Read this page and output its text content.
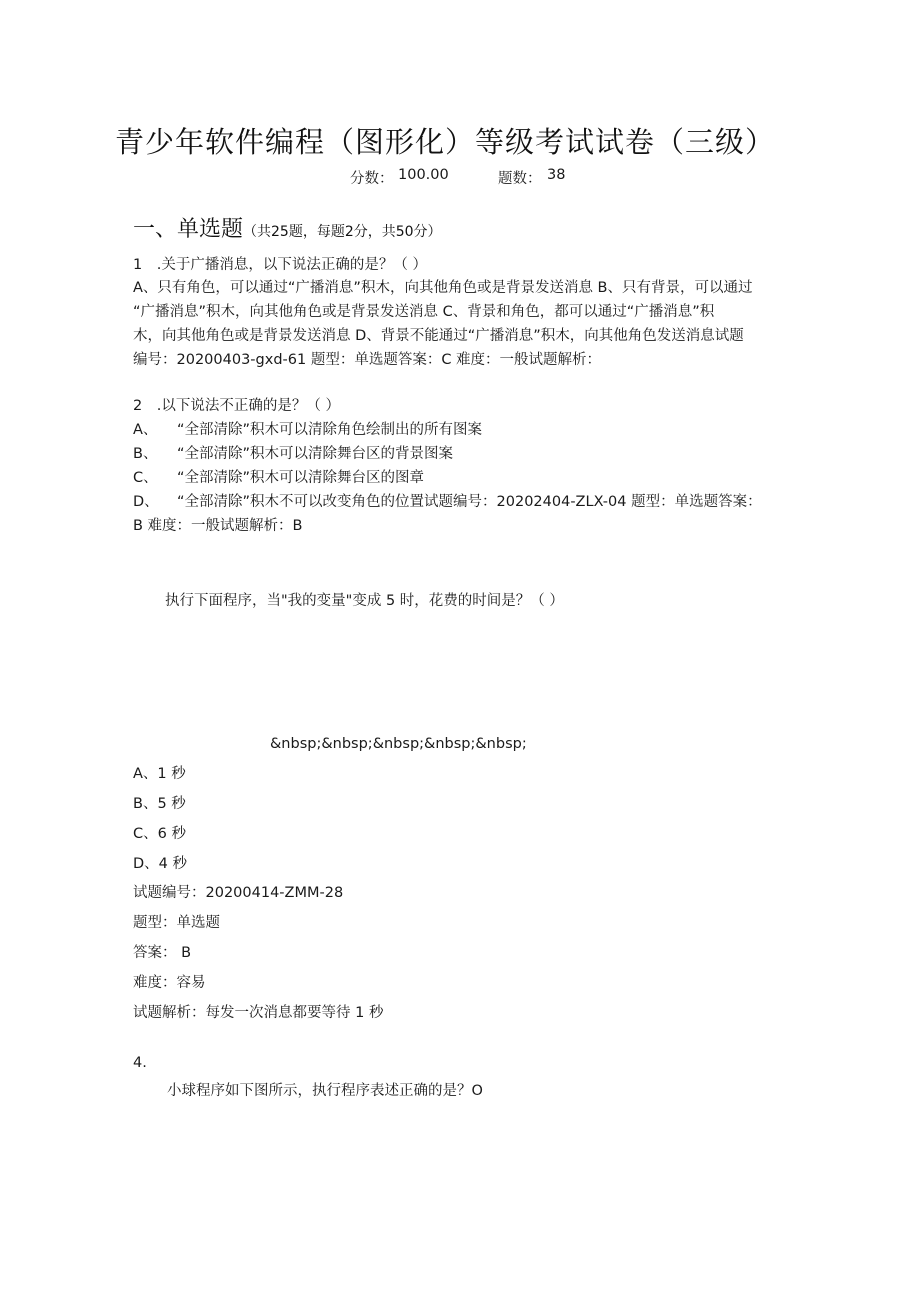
青少年软件编程（图形化）等级考试试卷（三级）
分数： 100.00	题数： 38
一、单选题（共25题，每题2分，共50分）
1　.关于广播消息，以下说法正确的是？（ ）
A、只有角色，可以通过“广播消息”积木，向其他角色或是背景发送消息 B、只有背景，可以通过
“广播消息”积木，向其他角色或是背景发送消息 C、背景和角色，都可以通过“广播消息”积
木，向其他角色或是背景发送消息 D、背景不能通过“广播消息”积木，向其他角色发送消息试题
编号：20200403-gxd-61 题型：单选题答案：C 难度：一般试题解析：
2　.以下说法不正确的是？（ ）
A、 “全部清除”积木可以清除角色绘制出的所有图案
B、 “全部清除”积木可以清除舞台区的背景图案
C、 “全部清除”积木可以清除舞台区的图章
D、 “全部清除”积木不可以改变角色的位置试题编号：20202404-ZLX-04 题型：单选题答案：
B 难度：一般试题解析：B
执行下面程序，当"我的变量"变成 5 时，花费的时间是？（ ）
&nbsp;&nbsp;&nbsp;&nbsp;&nbsp;
A、1 秒
B、5 秒
C、6 秒
D、4 秒
试题编号：20200414-ZMM-28
题型：单选题
答案： B
难度：容易
试题解析：每发一次消息都要等待 1 秒
4.
小球程序如下图所示，执行程序表述正确的是？O
